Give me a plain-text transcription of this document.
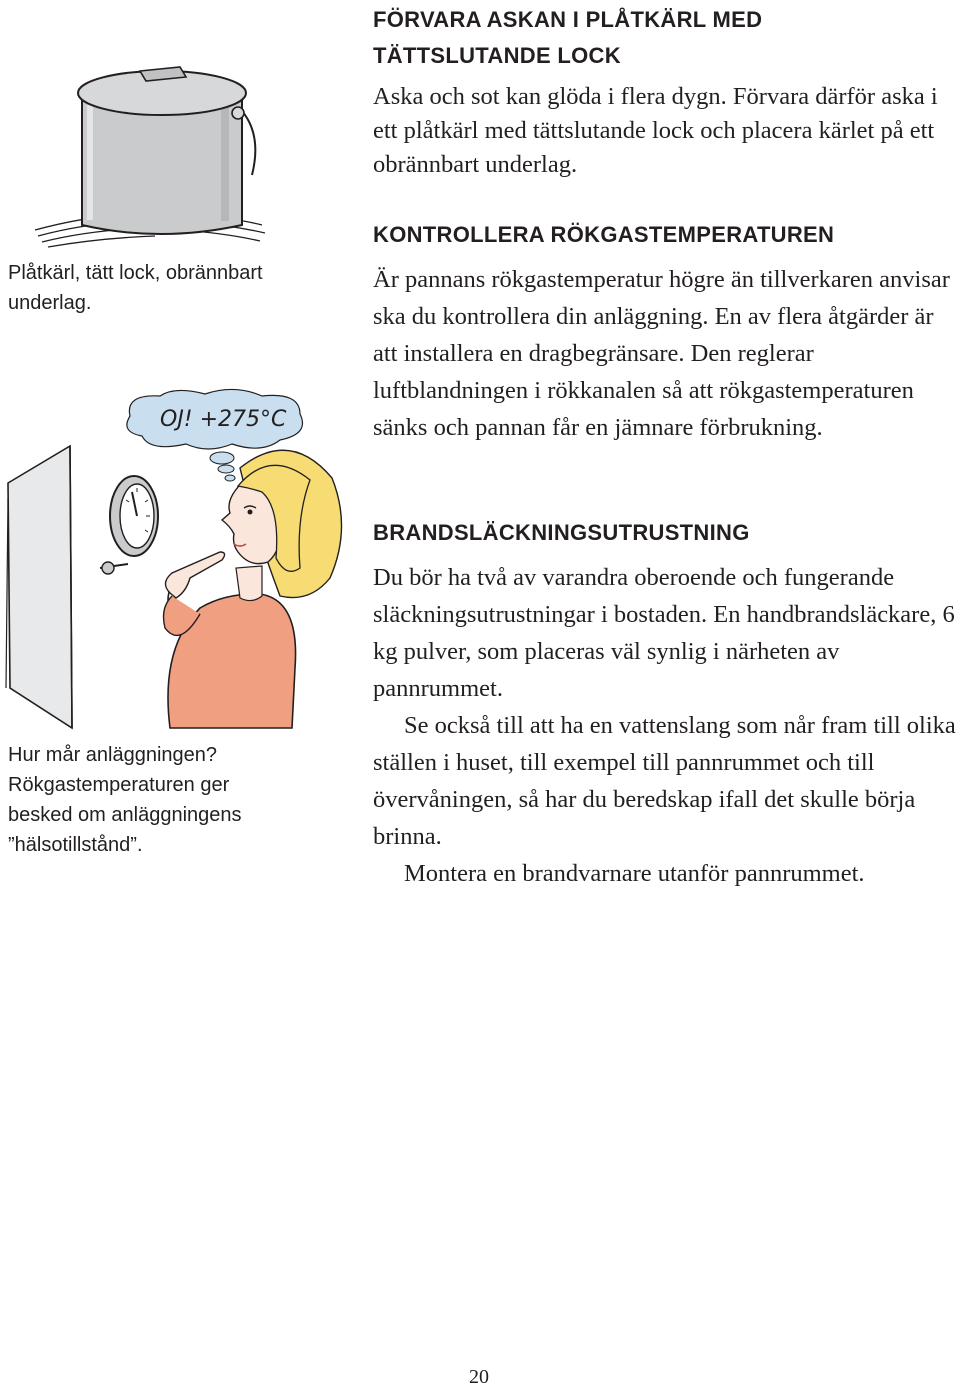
Plåtkärl, tätt lock, obrännbart underlag.

OJ! +275°C

Hur mår anläggningen?

Rökgastemperaturen ger besked om anläggningens ”hälsotillstånd”.

FÖRVARA ASKAN I PLÅTKÄRL MED
TÄTTSLUTANDE LOCK

Aska och sot kan glöda i flera dygn. Förvara därför aska i ett plåtkärl med tättslutande lock och placera kärlet på ett obrännbart underlag.

KONTROLLERA RÖKGASTEMPERATUREN

Är pannans rökgastemperatur högre än tillverkaren anvisar ska du kontrollera din anläggning. En av flera åtgärder är att installera en dragbegränsare. Den reglerar luftblandningen i rökkanalen så att rökgastemperaturen sänks och pannan får en jämnare förbrukning.

BRANDSLÄCKNINGSUTRUSTNING

Du bör ha två av varandra oberoende och fungerande släckningsutrustningar i bostaden. En handbrandsläckare, 6 kg pulver, som placeras väl synlig i närheten av pannrummet.

Se också till att ha en vattenslang som når fram till olika ställen i huset, till exempel till pannrummet och till övervåningen, så har du beredskap ifall det skulle börja brinna.

Montera en brandvarnare utanför pannrummet.

20
